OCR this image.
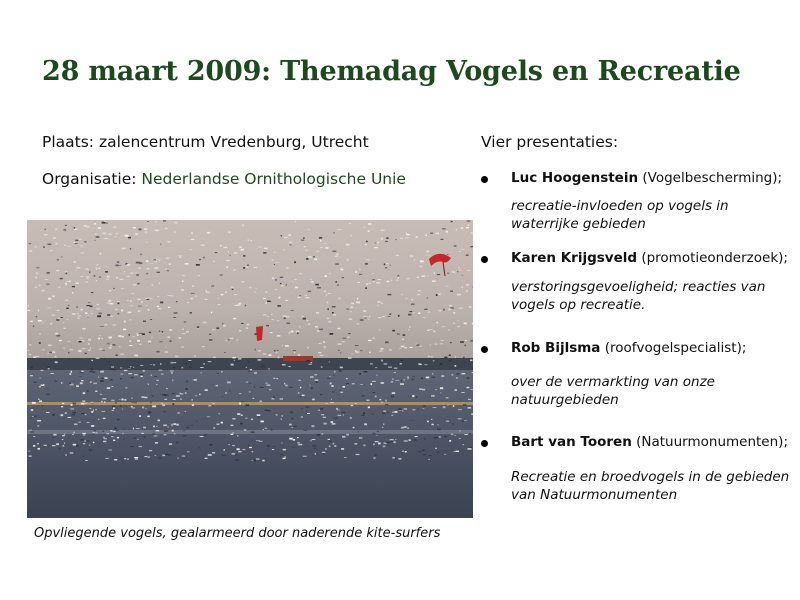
28 maart 2009: Themadag Vogels en Recreatie
Plaats: zalencentrum Vredenburg, Utrecht
Organisatie: Nederlandse Ornithologische Unie
Opvliegende vogels, gealarmeerd door naderende kite-surfers
Vier presentaties:
Luc Hoogenstein (Vogelbescherming);
recreatie-invloeden op vogels in waterrijke gebieden
Karen Krijgsveld (promotieonderzoek);
verstoringsgevoeligheid; reacties van vogels op recreatie.
Rob Bijlsma (roofvogelspecialist);
over de vermarkting van onze natuurgebieden
Bart van Tooren (Natuurmonumenten);
Recreatie en broedvogels in de gebieden van Natuurmonumenten
